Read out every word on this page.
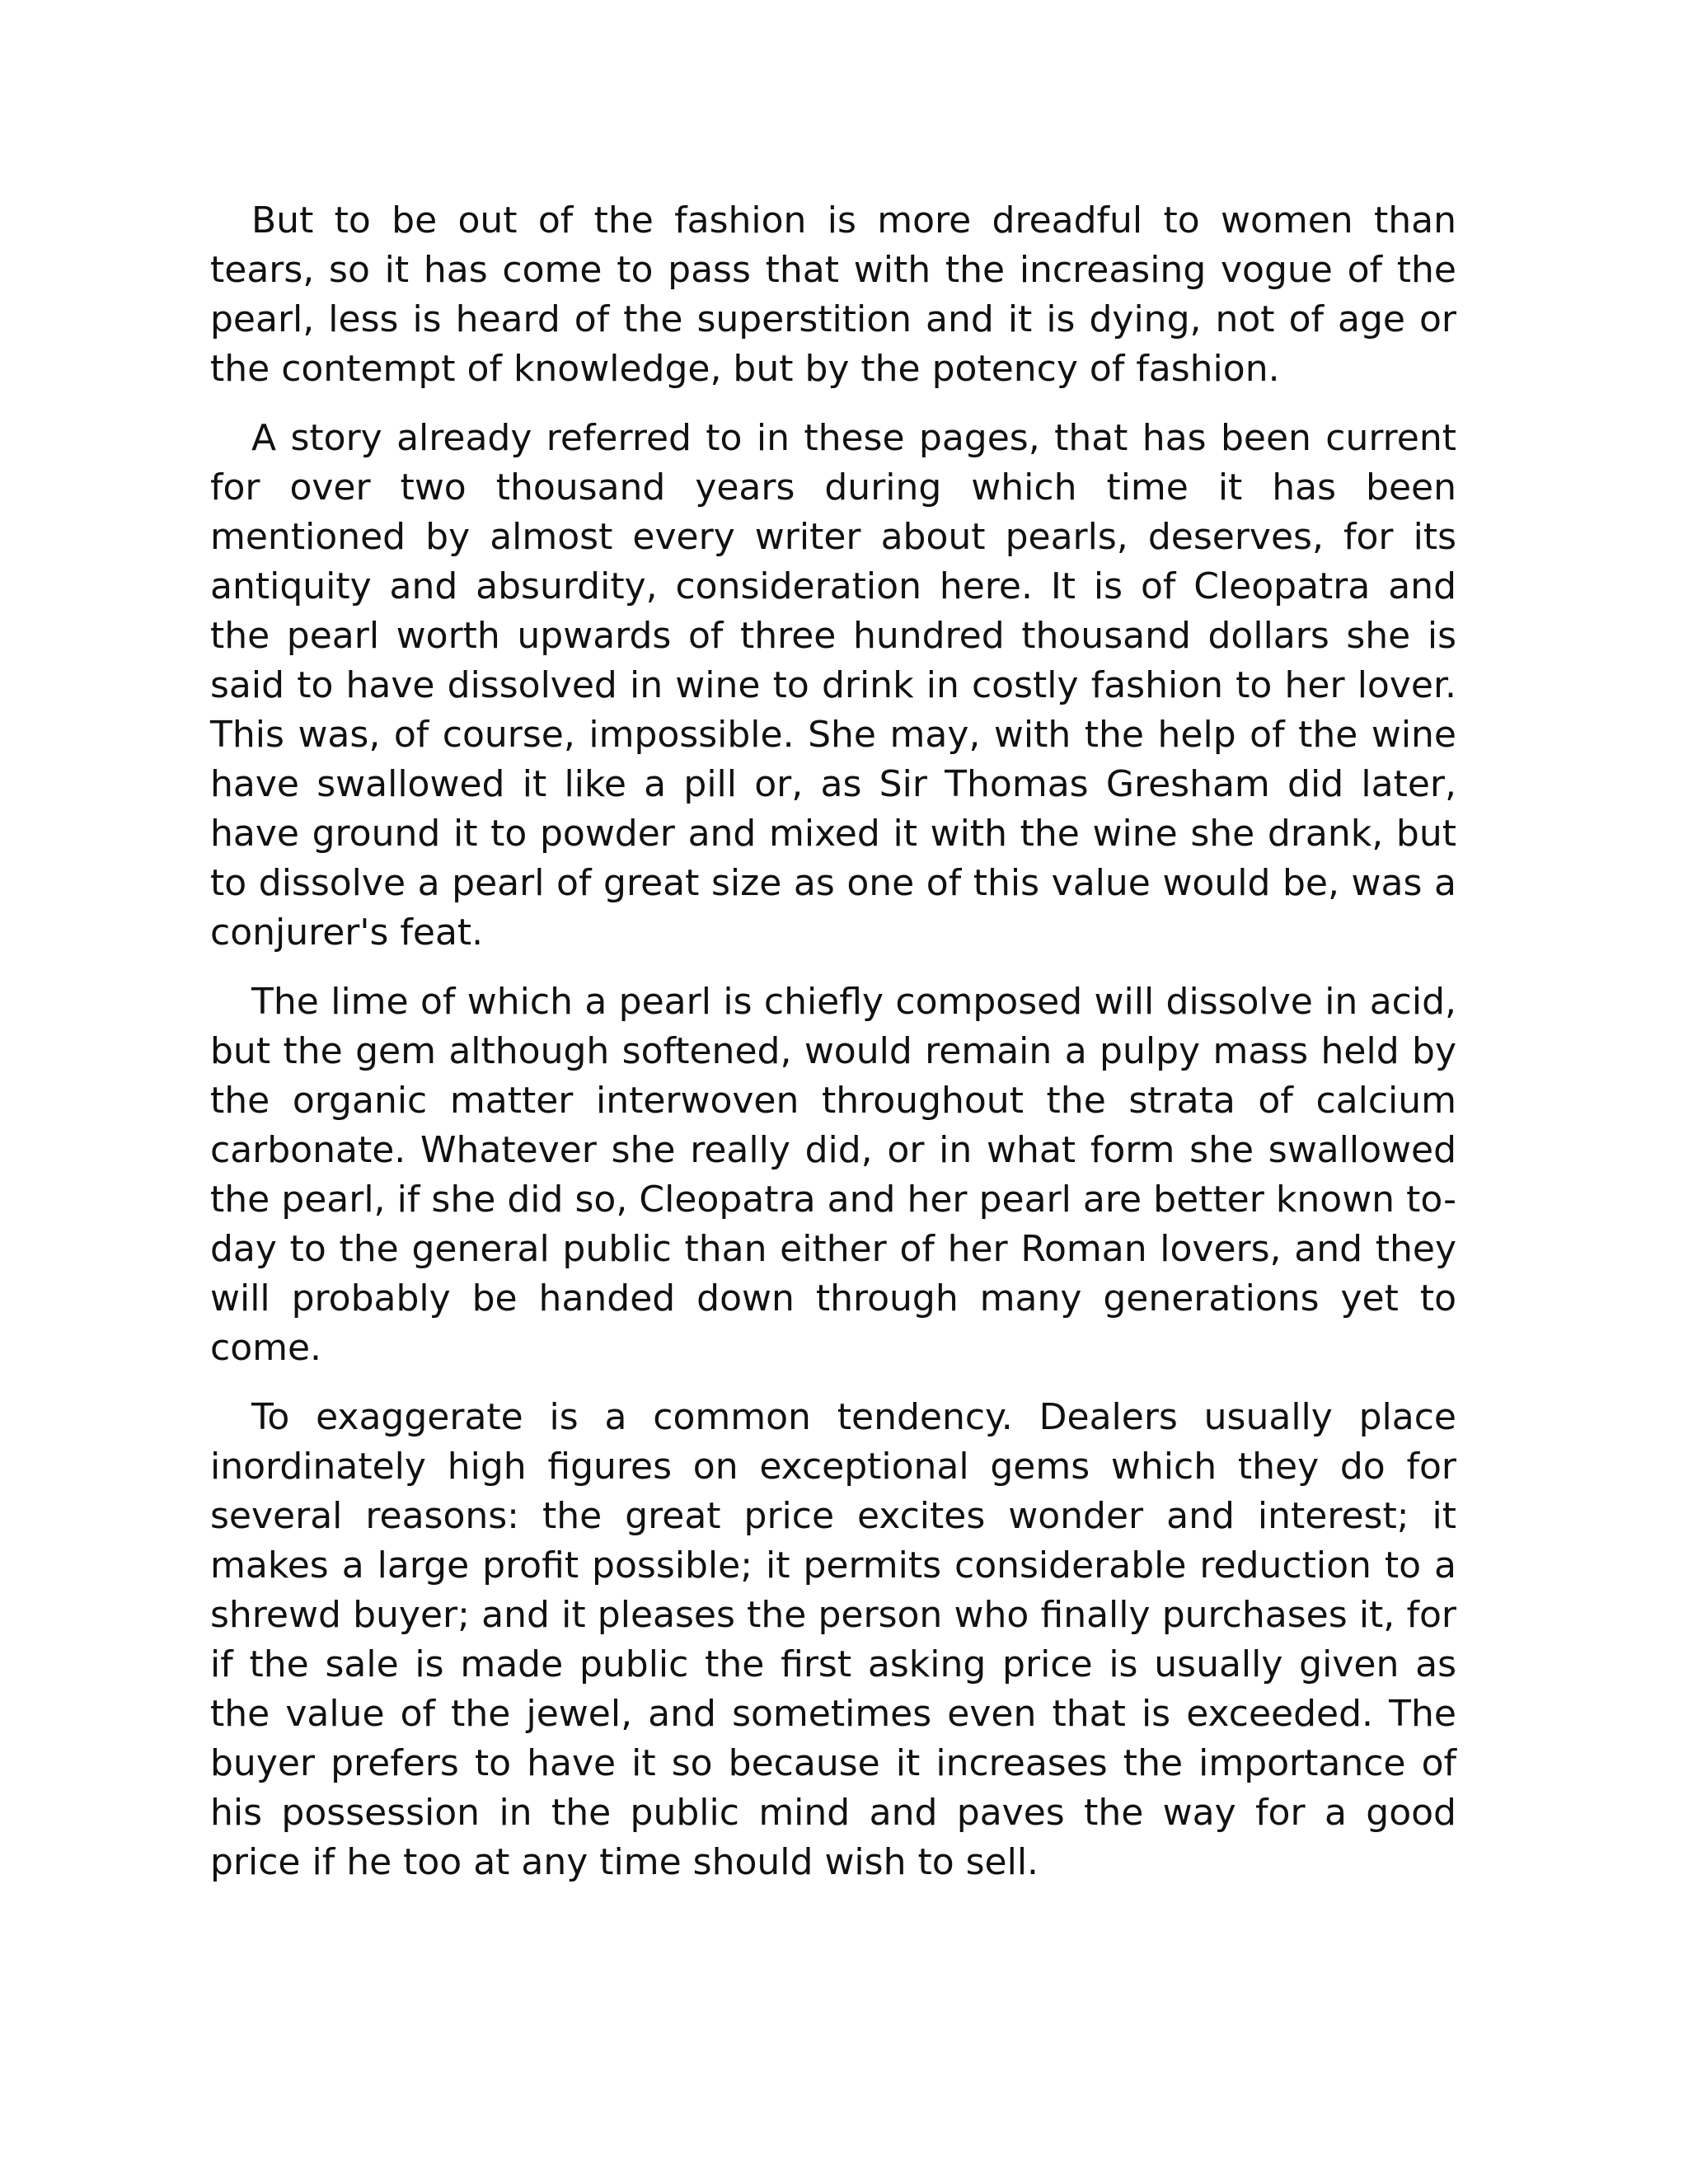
But to be out of the fashion is more dreadful to women than tears, so it has come to pass that with the increasing vogue of the pearl, less is heard of the superstition and it is dying, not of age or the contempt of knowledge, but by the potency of fashion.

A story already referred to in these pages, that has been current for over two thousand years during which time it has been mentioned by almost every writer about pearls, deserves, for its antiquity and absurdity, consideration here. It is of Cleopatra and the pearl worth upwards of three hundred thousand dollars she is said to have dissolved in wine to drink in costly fashion to her lover. This was, of course, impossible. She may, with the help of the wine have swallowed it like a pill or, as Sir Thomas Gresham did later, have ground it to powder and mixed it with the wine she drank, but to dissolve a pearl of great size as one of this value would be, was a conjurer's feat.

The lime of which a pearl is chiefly composed will dissolve in acid, but the gem although softened, would remain a pulpy mass held by the organic matter interwoven throughout the strata of calcium carbonate. Whatever she really did, or in what form she swallowed the pearl, if she did so, Cleopatra and her pearl are better known to-day to the general public than either of her Roman lovers, and they will probably be handed down through many generations yet to come.

To exaggerate is a common tendency. Dealers usually place inordinately high figures on exceptional gems which they do for several reasons: the great price excites wonder and interest; it makes a large profit possible; it permits considerable reduction to a shrewd buyer; and it pleases the person who finally purchases it, for if the sale is made public the first asking price is usually given as the value of the jewel, and sometimes even that is exceeded. The buyer prefers to have it so because it increases the importance of his possession in the public mind and paves the way for a good price if he too at any time should wish to sell.
